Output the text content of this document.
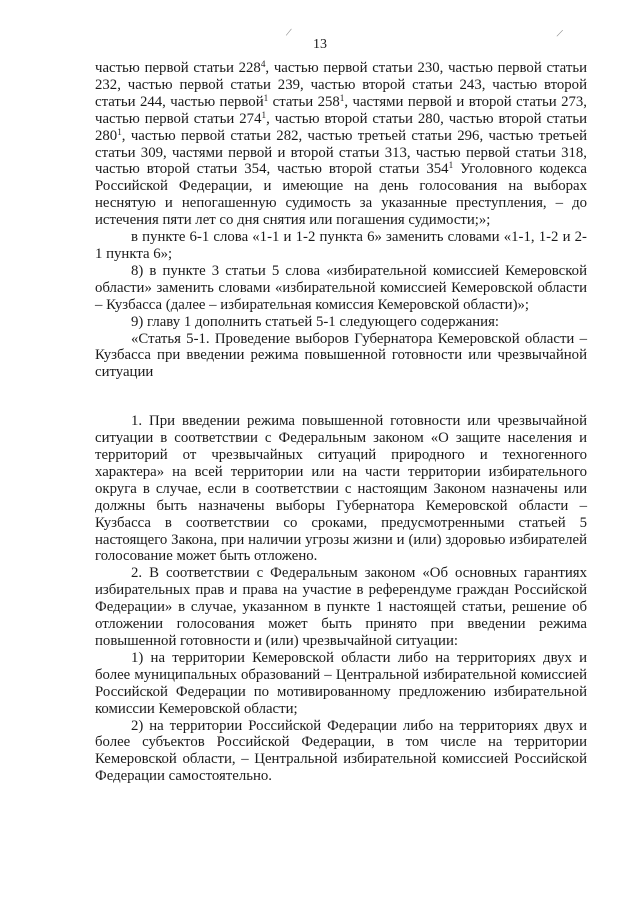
13
/	/

частью первой статьи $228^4$, частью первой статьи 230, частью первой статьи 232, частью первой статьи 239, частью второй статьи 243, частью второй статьи 244, частью первой$^1$ статьи $258^1$, частями первой и второй статьи 273, частью первой статьи $274^1$, частью второй статьи 280, частью второй статьи $280^1$, частью первой статьи 282, частью третьей статьи 296, частью третьей статьи 309, частями первой и второй статьи 313, частью первой статьи 318, частью второй статьи 354, частью второй статьи $354^1$ Уголовного кодекса Российской Федерации, и имеющие на день голосования на выборах неснятую и непогашенную судимость за указанные преступления, – до истечения пяти лет со дня снятия или погашения судимости;»;

в пункте 6-1 слова «1-1 и 1-2 пункта 6» заменить словами «1-1, 1-2 и 2-1 пункта 6»;

8) в пункте 3 статьи 5 слова «избирательной комиссией Кемеровской области» заменить словами «избирательной комиссией Кемеровской области – Кузбасса (далее – избирательная комиссия Кемеровской области)»;

9) главу 1 дополнить статьей 5-1 следующего содержания:

«Статья 5-1. Проведение выборов Губернатора Кемеровской области – Кузбасса при введении режима повышенной готовности или чрезвычайной ситуации

1. При введении режима повышенной готовности или чрезвычайной ситуации в соответствии с Федеральным законом «О защите населения и территорий от чрезвычайных ситуаций природного и техногенного характера» на всей территории или на части территории избирательного округа в случае, если в соответствии с настоящим Законом назначены или должны быть назначены выборы Губернатора Кемеровской области – Кузбасса в соответствии со сроками, предусмотренными статьей 5 настоящего Закона, при наличии угрозы жизни и (или) здоровью избирателей голосование может быть отложено.

2. В соответствии с Федеральным законом «Об основных гарантиях избирательных прав и права на участие в референдуме граждан Российской Федерации» в случае, указанном в пункте 1 настоящей статьи, решение об отложении голосования может быть принято при введении режима повышенной готовности и (или) чрезвычайной ситуации:

1) на территории Кемеровской области либо на территориях двух и более муниципальных образований – Центральной избирательной комиссией Российской Федерации по мотивированному предложению избирательной комиссии Кемеровской области;

2) на территории Российской Федерации либо на территориях двух и более субъектов Российской Федерации, в том числе на территории Кемеровской области, – Центральной избирательной комиссией Российской Федерации самостоятельно.
